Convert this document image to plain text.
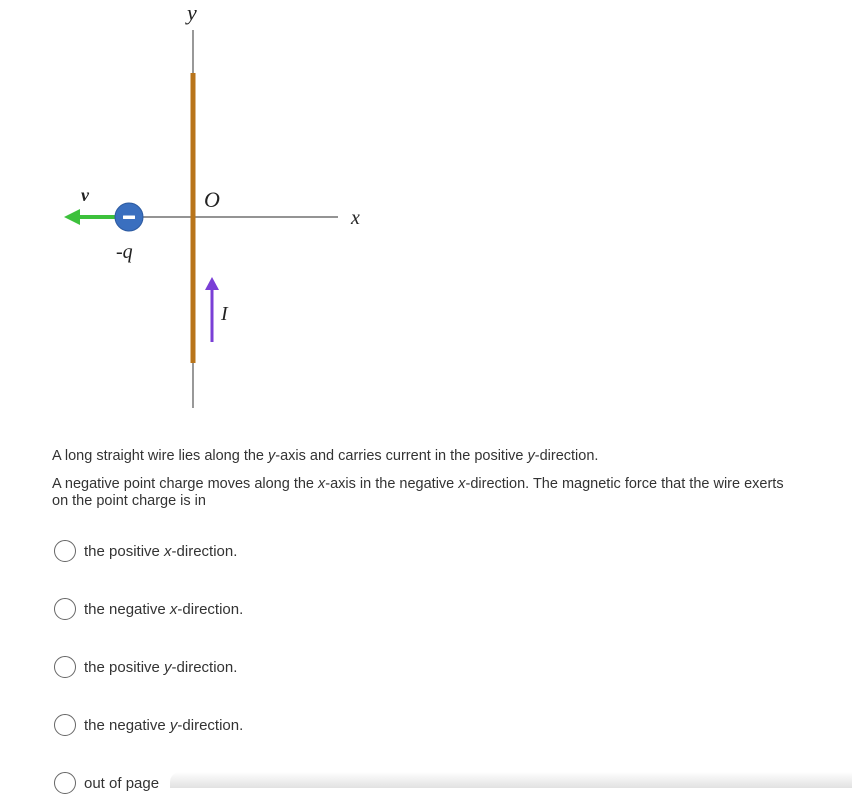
y
x
O
v⃗
-q
I
A long straight wire lies along the y-axis and carries current in the positive y-direction.
A negative point charge moves along the x-axis in the negative x-direction. The magnetic force that the wire exerts on the point charge is in
the positive x-direction.
the negative x-direction.
the positive y-direction.
the negative y-direction.
out of page
